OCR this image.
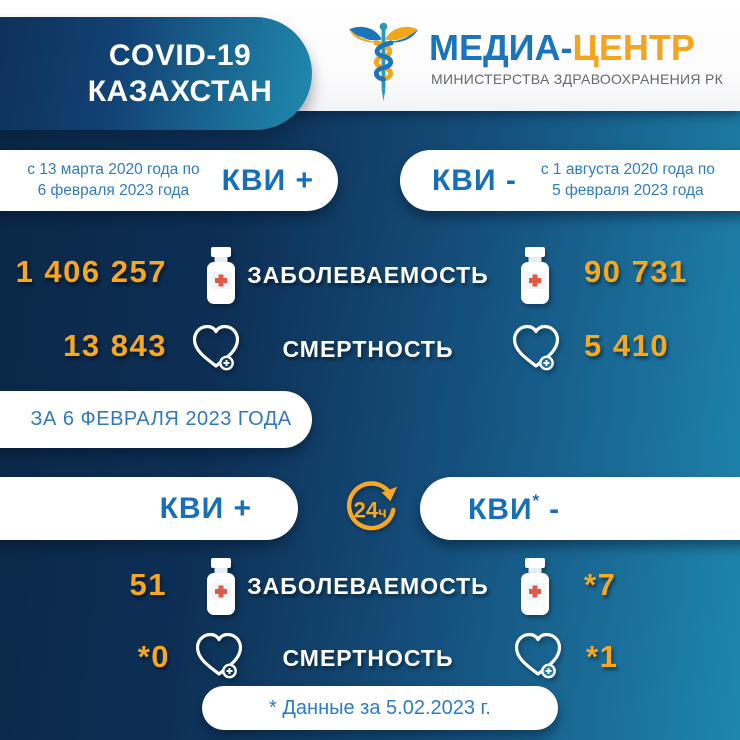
МЕДИА-ЦЕНТР
МИНИСТЕРСТВА ЗДРАВООХРАНЕНИЯ РК
COVID-19
КАЗАХСТАН
с 13 марта 2020 года по
6 февраля 2023 года	КВИ +	КВИ - с 1 августа 2020 года по
5 февраля 2023 года
1 406 257	ЗАБОЛЕВАЕМОСТЬ	90 731
13 843	СМЕРТНОСТЬ	5 410
ЗА 6 ФЕВРАЛЯ 2023 ГОДА
КВИ +	24ч	КВИ* -
51	ЗАБОЛЕВАЕМОСТЬ	*7
*0	СМЕРТНОСТЬ	*1
* Данные за 5.02.2023 г.
